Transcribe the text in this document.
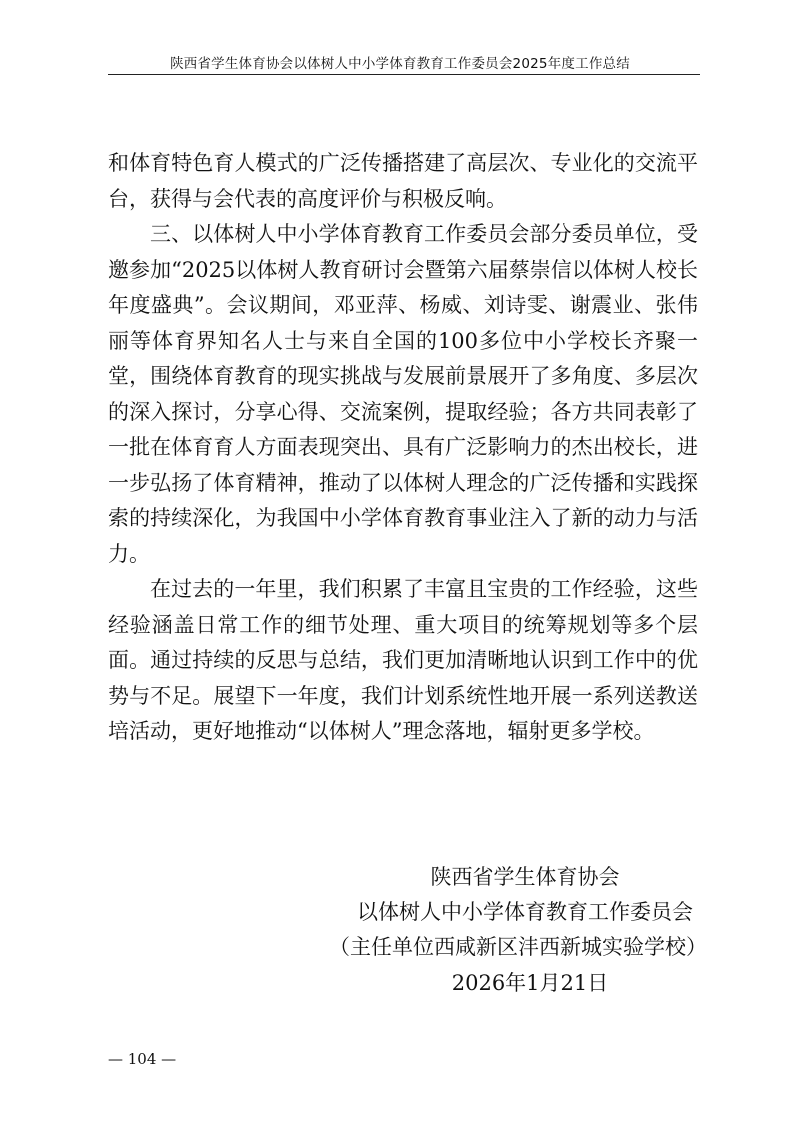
陕西省学生体育协会以体树人中小学体育教育工作委员会2025年度工作总结

和体育特色育人模式的广泛传播搭建了高层次、专业化的交流平台，获得与会代表的高度评价与积极反响。

三、以体树人中小学体育教育工作委员会部分委员单位，受邀参加“2025以体树人教育研讨会暨第六届蔡崇信以体树人校长年度盛典”。会议期间，邓亚萍、杨威、刘诗雯、谢震业、张伟丽等体育界知名人士与来自全国的100多位中小学校长齐聚一堂，围绕体育教育的现实挑战与发展前景展开了多角度、多层次的深入探讨，分享心得、交流案例，提取经验；各方共同表彰了一批在体育育人方面表现突出、具有广泛影响力的杰出校长，进一步弘扬了体育精神，推动了以体树人理念的广泛传播和实践探索的持续深化，为我国中小学体育教育事业注入了新的动力与活力。

在过去的一年里，我们积累了丰富且宝贵的工作经验，这些经验涵盖日常工作的细节处理、重大项目的统筹规划等多个层面。通过持续的反思与总结，我们更加清晰地认识到工作中的优势与不足。展望下一年度，我们计划系统性地开展一系列送教送培活动，更好地推动“以体树人”理念落地，辐射更多学校。

陕西省学生体育协会
以体树人中小学体育教育工作委员会
（主任单位西咸新区沣西新城实验学校）
2026年1月21日
— 104 —
